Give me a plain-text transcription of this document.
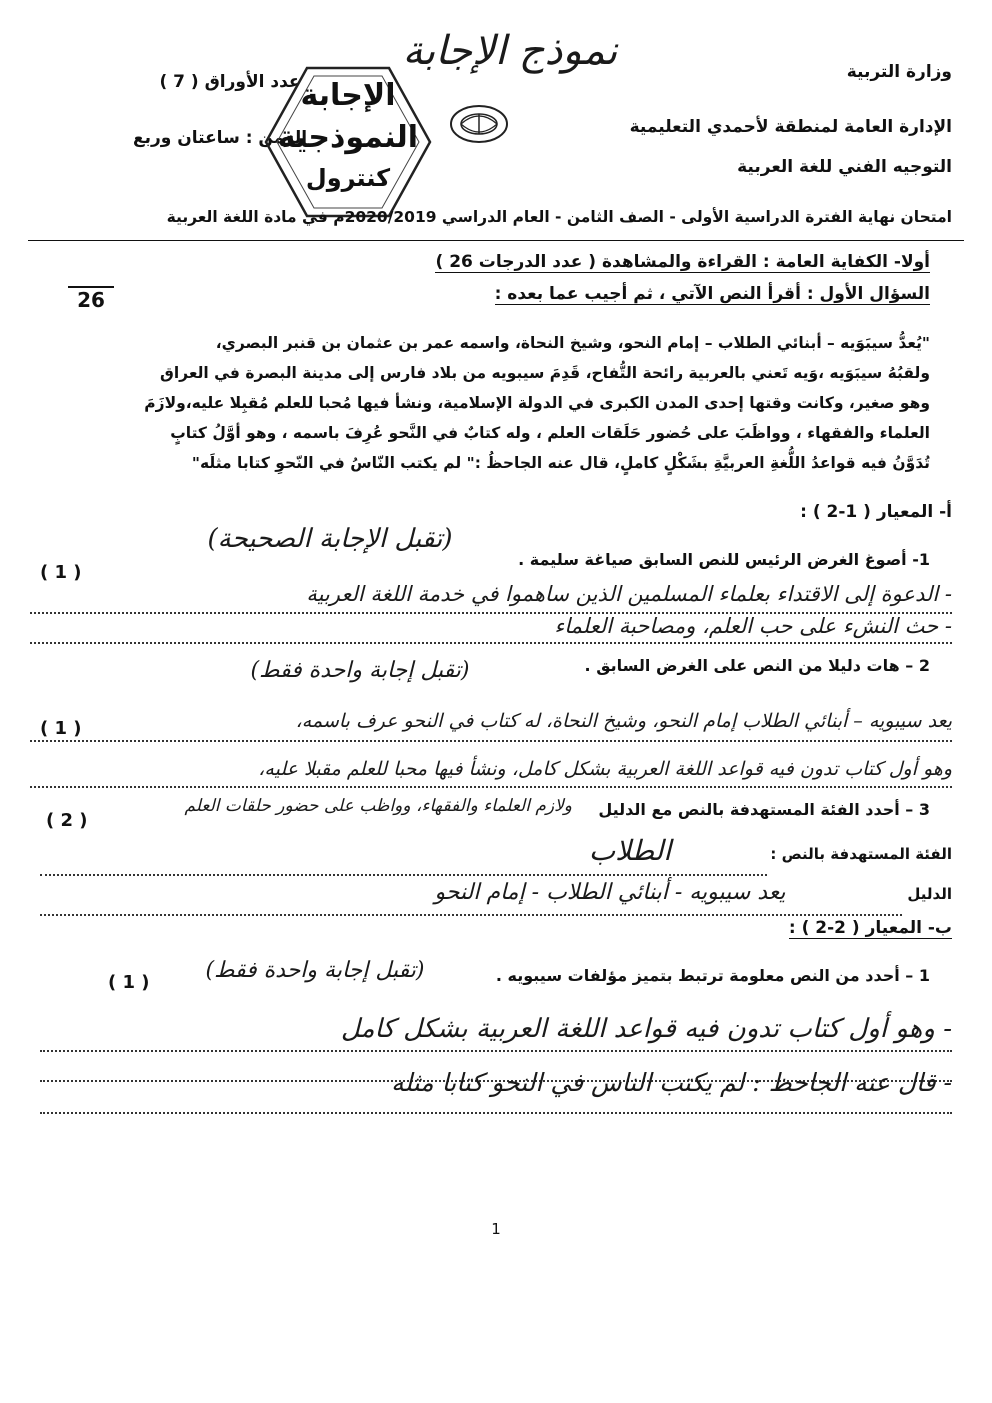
وزارة التربية
الإدارة العامة لمنطقة لأحمدي التعليمية
التوجيه الفني للغة العربية
نموذج الإجابة
عدد الأوراق ( 7 )
الزمن : ساعتان وربع
الإجابة
النموذجية
كنترول
امتحان نهاية الفترة الدراسية الأولى - الصف الثامن - العام الدراسي 2020/2019م في مادة اللغة العربية
أولا- الكفاية العامة : القراءة والمشاهدة ( عدد الدرجات 26 )
السؤال الأول : أقرأ النص الآتي ، ثم أجيب عما بعده :
26
"يُعدُّ سيبَوَيه – أبنائي الطلاب – إمام النحو، وشيخ النحاة، واسمه عمر بن عثمان بن قنبر البصري،
ولقبُهُ سيبَوَيه ،وَيه تَعني بالعربية رائحة التُّفاح، قَدِمَ سيبويه من بلاد فارس إلى مدينة البصرة في العراق
وهو صغير، وكانت وقتها إحدى المدن الكبرى في الدولة الإسلامية، ونشأ فيها مُحبا للعلم مُقبِلا عليه،ولازَمَ
العلماء والفقهاء ، وواظَبَ على حُضور حَلَقات العلم ، وله كتابٌ في النَّحو عُرِفَ باسمه ، وهو أوَّلُ كتابٍ
تُدَوَّنُ فيه قواعدُ اللُّغةِ العربيَّةِ بشَكْلٍ كاملٍ، قال عنه الجاحظُ :" لم يكتب النّاسُ في النّحوِ كتابا مثلَه"
أ- المعيار ( 1-2 ) :
(تقبل الإجابة الصحيحة)
1- أصوغ الغرض الرئيس للنص السابق صياغة سليمة .
( 1 )
- الدعوة إلى الاقتداء بعلماء المسلمين الذين ساهموا في خدمة اللغة العربية
- حث النشء على حب العلم، ومصاحبة العلماء
2 – هات دليلا من النص على الغرض السابق .
(تقبل إجابة واحدة فقط)
يعد سيبويه – أبنائي الطلاب إمام النحو، وشيخ النحاة، له كتاب في النحو عرف باسمه،
( 1 )
وهو أول كتاب تدون فيه قواعد اللغة العربية بشكل كامل، ونشأ فيها محبا للعلم مقبلا عليه،
3 – أحدد الفئة المستهدفة بالنص مع الدليل
ولازم العلماء والفقهاء، وواظب على حضور حلقات العلم
( 2 )
الفئة المستهدفة بالنص :
الطلاب
الدليل
يعد سيبويه - أبنائي الطلاب - إمام النحو
ب- المعيار ( 2-2 ) :
1 – أحدد من النص معلومة ترتبط بتميز مؤلفات سيبويه .
(تقبل إجابة واحدة فقط)
( 1 )
- وهو أول كتاب تدون فيه قواعد اللغة العربية بشكل كامل
- قال عنه الجاحظ : لم يكتب الناس في النحو كتابا مثله
1
